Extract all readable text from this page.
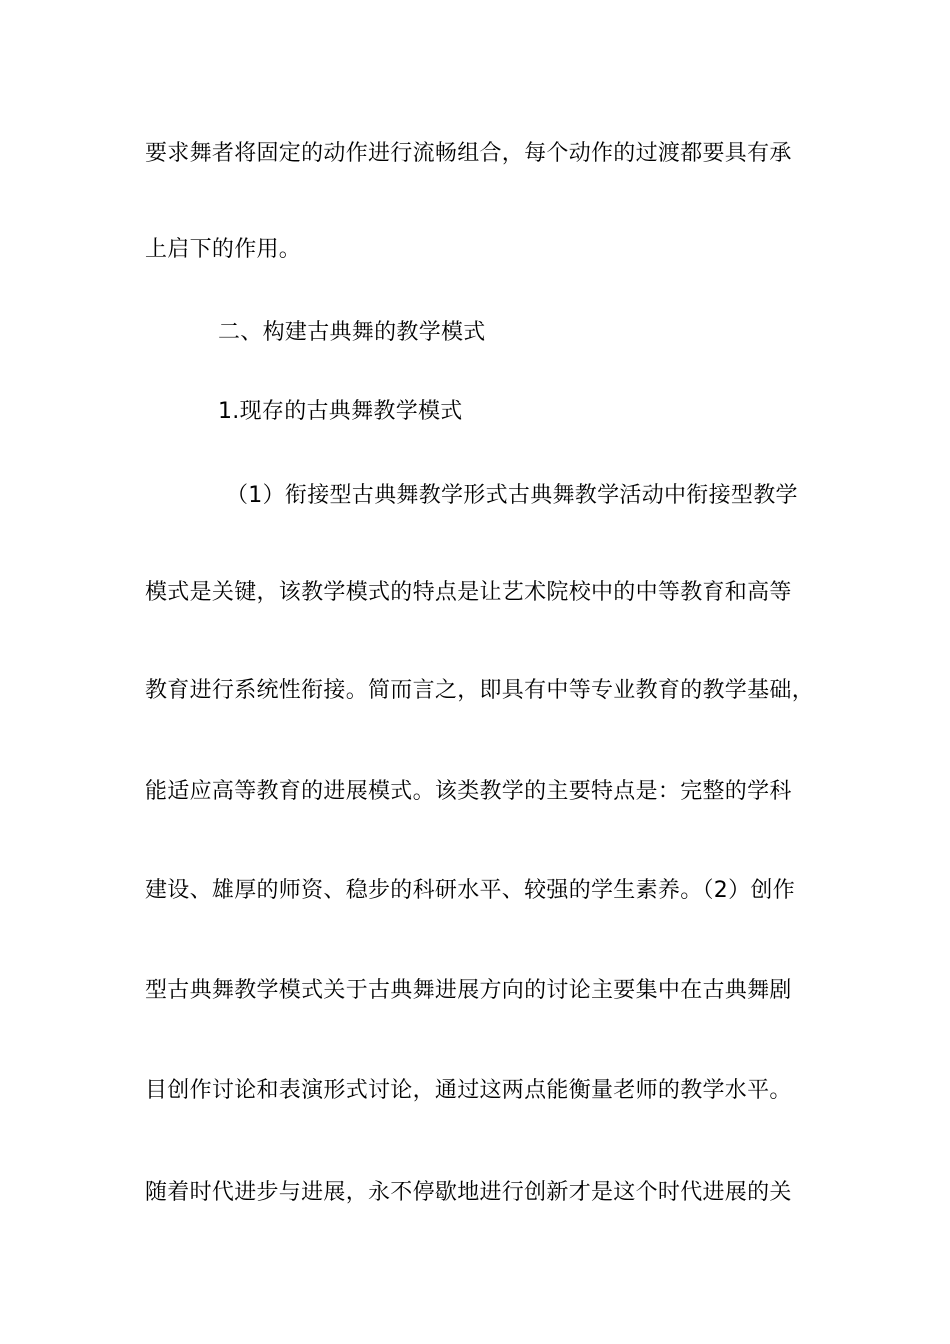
要求舞者将固定的动作进行流畅组合，每个动作的过渡都要具有承
上启下的作用。
二、构建古典舞的教学模式
1.现存的古典舞教学模式
（1）衔接型古典舞教学形式古典舞教学活动中衔接型教学
模式是关键，该教学模式的特点是让艺术院校中的中等教育和高等
教育进行系统性衔接。简而言之，即具有中等专业教育的教学基础，
能适应高等教育的进展模式。该类教学的主要特点是：完整的学科
建设、雄厚的师资、稳步的科研水平、较强的学生素养。（2）创作
型古典舞教学模式关于古典舞进展方向的讨论主要集中在古典舞剧
目创作讨论和表演形式讨论，通过这两点能衡量老师的教学水平。
随着时代进步与进展，永不停歇地进行创新才是这个时代进展的关
